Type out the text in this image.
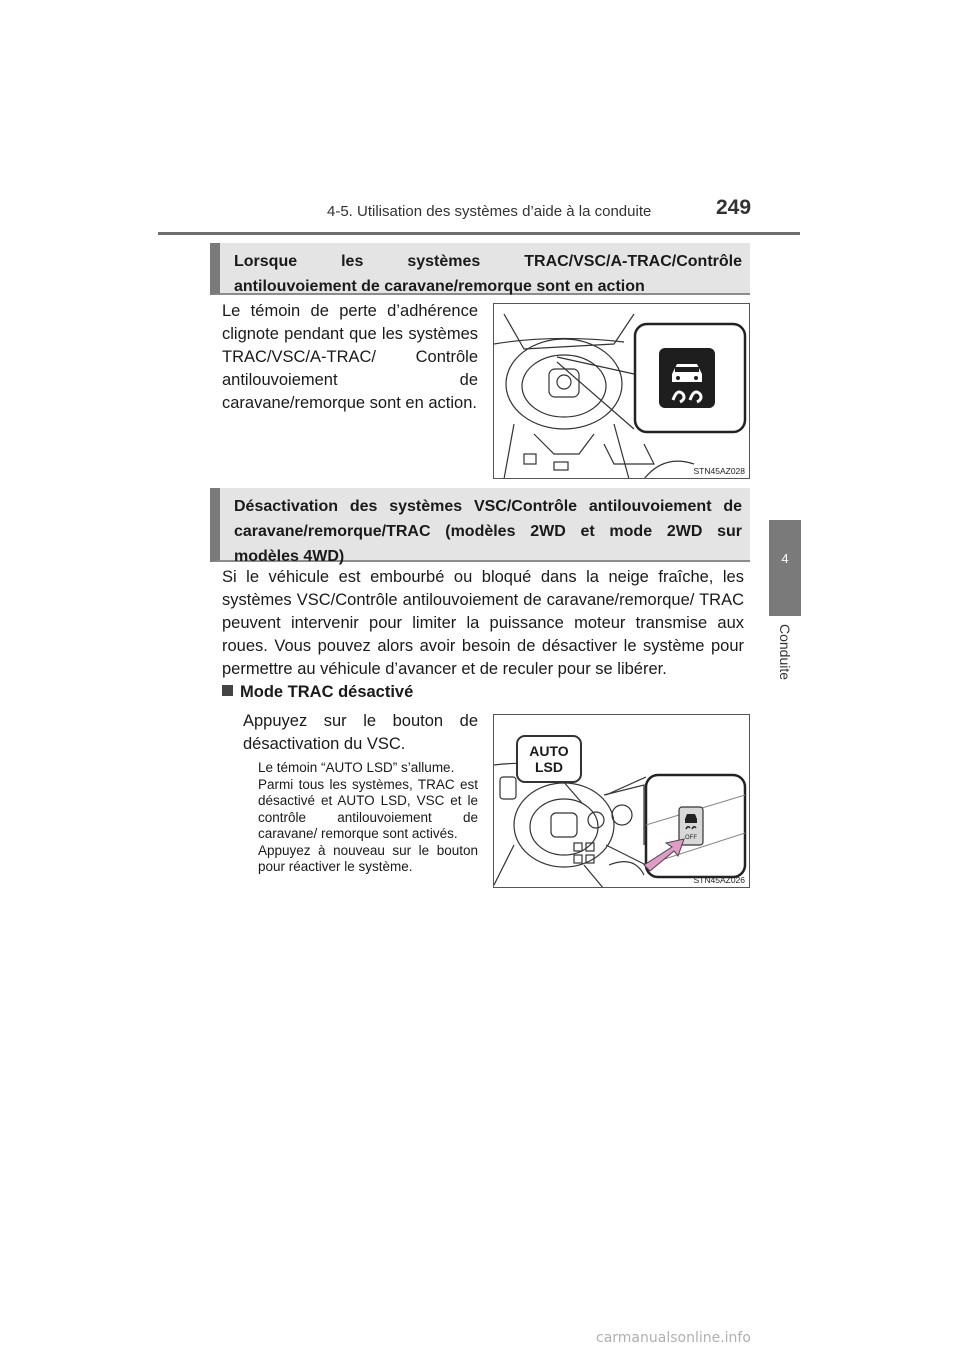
4-5. Utilisation des systèmes d’aide à la conduite	249
4
Conduite
Lorsque les systèmes TRAC/VSC/A-TRAC/Contrôle antilouvoiement de caravane/remorque sont en action
Le témoin de perte d’adhérence clignote pendant que les systèmes TRAC/VSC/A-TRAC/ Contrôle antilouvoiement de caravane/remorque sont en action.
STN45AZ028
Désactivation des systèmes VSC/Contrôle antilouvoiement de caravane/remorque/TRAC (modèles 2WD et mode 2WD sur modèles 4WD)
Si le véhicule est embourbé ou bloqué dans la neige fraîche, les systèmes VSC/Contrôle antilouvoiement de caravane/remorque/ TRAC peuvent intervenir pour limiter la puissance moteur transmise aux roues. Vous pouvez alors avoir besoin de désactiver le système pour permettre au véhicule d’avancer et de reculer pour se libérer.
Mode TRAC désactivé
Appuyez sur le bouton de désactivation du VSC.
Le témoin “AUTO LSD” s’allume.
Parmi tous les systèmes, TRAC est désactivé et AUTO LSD, VSC et le contrôle antilouvoiement de caravane/ remorque sont activés.
Appuyez à nouveau sur le bouton pour réactiver le système.
OFF
AUTO
LSD
STN45AZ026
carmanualsonline.info
